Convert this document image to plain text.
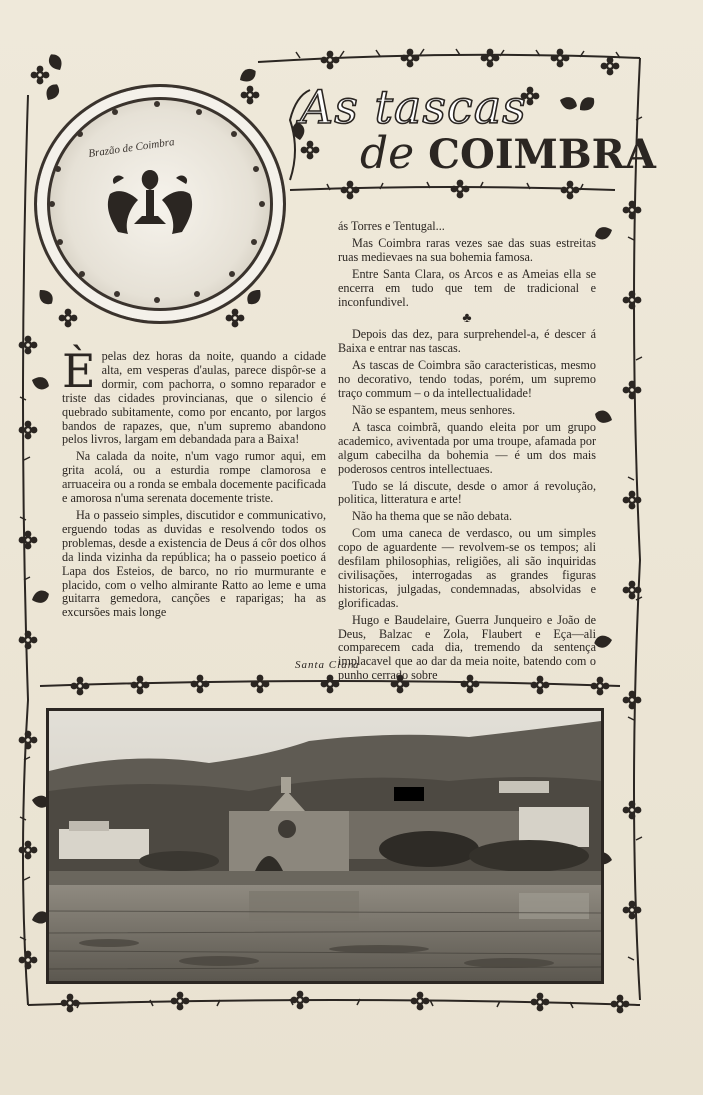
As tascas
de COIMBRA
Brazão de Coimbra

È pelas dez horas da noite, quando a cidade alta, em vesperas d'aulas, parece dispôr-se a dormir, com pachorra, o somno reparador e triste das cidades provincianas, que o silencio é quebrado subitamente, como por encanto, por largos bandos de rapazes, que, n'um supremo abandono pelos livros, largam em debandada para a Baixa!

Na calada da noite, n'um vago rumor aqui, em grita acolá, ou a esturdia rompe clamorosa e arruaceira ou a ronda se embala docemente pacificada e amorosa n'uma serenata docemente triste.

Ha o passeio simples, discutidor e communicativo, erguendo todas as duvidas e resolvendo todos os problemas, desde a existencia de Deus á côr dos olhos da linda vizinha da república; ha o passeio poetico á Lapa dos Esteios, de barco, no rio murmurante e placido, com o velho almirante Ratto ao leme e uma guitarra gemedora, canções e raparigas; ha as excursões mais longe

ás Torres e Tentugal...

Mas Coimbra raras vezes sae das suas estreitas ruas medievaes na sua bohemia famosa.

Entre Santa Clara, os Arcos e as Ameias ella se encerra em tudo que tem de tradicional e inconfundivel.

♣

Depois das dez, para surprehendel-a, é descer á Baixa e entrar nas tascas.

As tascas de Coimbra são caracteristicas, mesmo no decorativo, tendo todas, porém, um supremo traço commum – o da intellectualidade!

Não se espantem, meus senhores.

A tasca coimbrã, quando eleita por um grupo academico, aviventada por uma troupe, afamada por algum cabecilha da bohemia — é um dos mais poderosos centros intellectuaes.

Tudo se lá discute, desde o amor á revolução, politica, litteratura e arte!

Não ha thema que se não debata.

Com uma caneca de verdasco, ou um simples copo de aguardente — revolvem-se os tempos; ali desfilam philosophias, religiões, ali são inquiridas civilisações, interrogadas as grandes figuras historicas, julgadas, condemnadas, absolvidas e glorificadas.

Hugo e Baudelaire, Guerra Junqueiro e João de Deus, Balzac e Zola, Flaubert e Eça—ali comparecem cada dia, tremendo da sentença implacavel que ao dar da meia noite, batendo com o punho cerrado sobre

Santa Clara
